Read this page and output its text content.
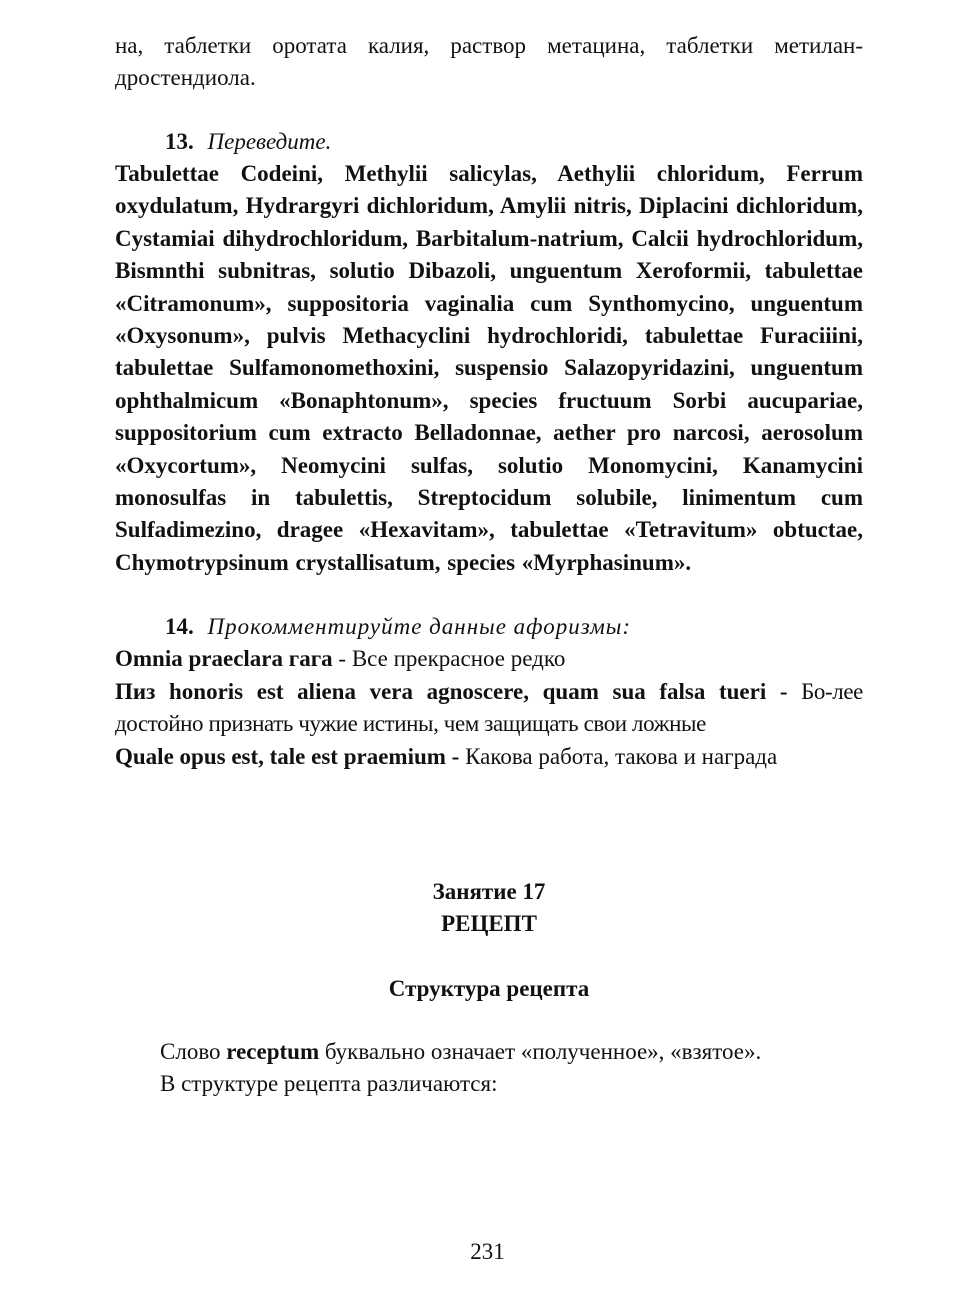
на, таблетки оротата калия, раствор метацина, таблетки метилан-

дростендиола.

13. Переведите.

Tabulettae Codeini, Methylii salicylas, Aethylii chloridum, Ferrum oxydulatum, Hydrargyri dichloridum, Amylii nitris, Diplacini dichloridum, Cystamiai dihydrochloridum, Barbitalum-natrium, Calcii hydrochloridum, Bismnthi subnitras, solutio Dibazoli, unguentum Xeroformii, tabulettae «Citramonum», suppositoria vaginalia cum Synthomycino, unguentum «Oxysonum», pulvis Methacyclini hydrochloridi, tabulettae Furaciiini, tabulettae Sulfamonomethoxini, suspensio Salazopyridazini, unguentum ophthalmicum «Bonaphtonum», species fructuum Sorbi aucupariae, suppositorium cum extracto Belladonnae, aether pro narcosi, aerosolum «Oxycortum», Neomycini sulfas, solutio Monomycini, Kanamycini monosulfas in tabulettis, Streptocidum solubile, linimentum cum Sulfadimezino, dragee «Hexavitam», tabulettae «Tetravitum» obtuctae, Chymotrypsinum crystallisatum, species «Myrphasinum».

14. Прокомментируйте данные афоризмы:

Omnia praeclara гага - Все прекрасное редко

Пиз honoris est aliena vera agnoscere, quam sua falsa tueri - Бо-лее достойно признать чужие истины, чем защищать свои ложные

Quale opus est, tale est praemium - Какова работа, такова и награда

Занятие 17

РЕЦЕПТ

Структура рецепта

Слово receptum буквально означает «полученное», «взятое».
В структуре рецепта различаются:

231
